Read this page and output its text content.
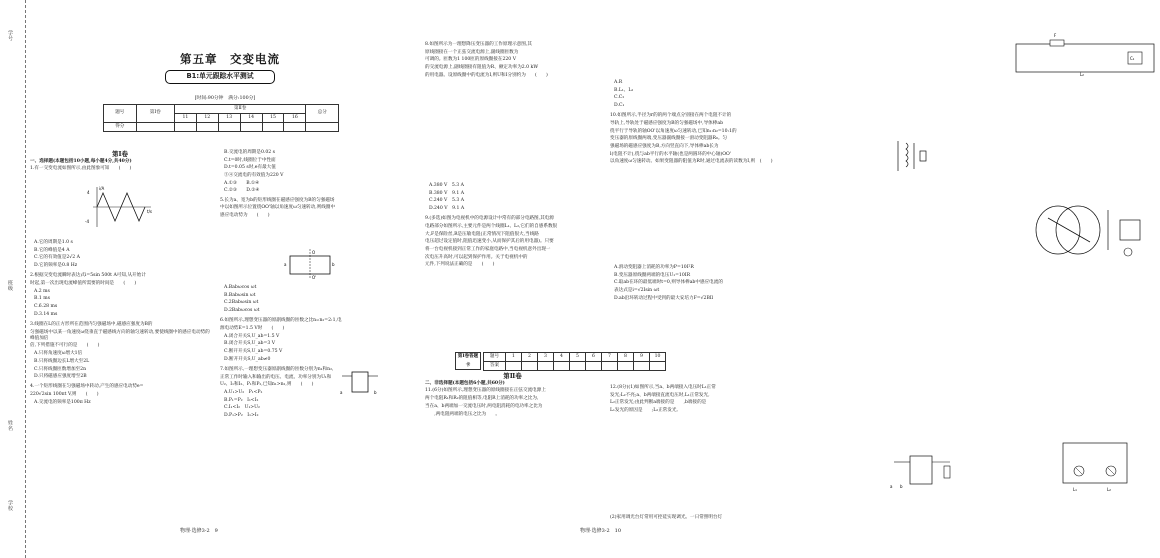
学号
班级
姓名
学校
第五章　交变电流
B1:单元跟踪水平测试
[时间:90分钟　满分:100分]
题号	第Ⅰ卷	第Ⅱ卷						总分
		11	12	13	14	15	16	
得分								
第Ⅰ卷

一、选择题(本题包括10小题,每小题4分,共40分)

1.有一交变电流如图所示,由此图象可知　　 (　　)

4
-4
t/s
i/A

A.它的周期是1.0 s

B.它的峰值是4 A

C.它的有效值是2√2 A

D.它的频率是0.8 Hz

2.根据交变电流瞬时表达式i=5sin 500t A可知,从开始计

时起,第一次出现电流峰值所需要的时间是　　 (　　)

A.2 ms

B.1 ms

C.6.28 ms

D.3.14 ms

3.线圈在L的正方形所在范围内匀强磁场中,磁感应强度为B的

匀强磁场中以某一角速度ω绕垂直于磁感线方向的轴匀速转动,要使线圈中的感应电动势的峰值加倍

倍,下列措施不可行的是　　 (　　)

A.只将角速度ω增大1倍

B.只将线圈边长L增大至2L

C.只将线圈匝数增加至2n

D.只将磁感应强度增至2B

4.一个矩形线圈在匀强磁场中转动,产生的感应电动势e=

220√2sin 100πt V,则　　 (　　)

A.交流电的频率是100π Hz

B.交流电的周期是0.02 s

C.t=0时,线圈位于中性面

D.t=0.05 s时,e有最大值

③④交流电的有效值为220 V

A.①③　　B.①④

C.②③　　D.②④

5.长为a、宽为b的矩形线圈在磁感应强度为B的匀强磁场

中以如图所示位置绕OO'轴以角速度ω匀速转动,则线圈中

感应电动势为　　 (　　)

O
O'
a	b

A.Babωcos ωt

B.Babωsin ωt

C.2Babωsin ωt

D.2Babωcos ωt

6.如图所示,理想变压器的原副线圈的匝数之比n₁:n₂=2:1,电

源电动势E=1.5 V时　　 (　　)

A.闭合开关S,U_ab=1.5 V

B.闭合开关S,U_ab=3 V

C.断开开关S,U_ab=0.75 V

D.断开开关S,U_ab≠0

7.如图所示,一理想变压器原副线圈的匝数分别为n₁和n₂,

正常工作时输入和输出的电压、电流、功率分别为U₁和

U₂、I₁和I₂、P₁和P₂,已知n₁>n₂,则　　 (　　)

A.U₁>U₂　P₁<P₂

B.P₁=P₂　I₁<I₂

C.I₁<I₂　U₁>U₂

D.P₁>P₂　I₁>I₂

a	b
物理·选修3-2　9

8.如图所示为一理想降压变压器的工作原理示意图,其

原线圈接在一个正弦交流电源上,副线圈匝数为

可调的。匝数为1 100匝的原线圈接在220 V

的交流电源上,副线圈接有阻值为R、额定功率为2.0 kW

的用电器。设原线圈中的电流为I,则U和I分别约为　　 (　　)

A.380 V　5.3 A

B.380 V　9.1 A

C.240 V　5.3 A

D.240 V　9.1 A

9.(多选)如图为电视机中的电源设计中常有的部分电路图,其电源

电路部分如图所示,主要元件是两个线圈L₁、L₂,它们的自感系数很

大,F是保险丝,R是压敏电阻(正常情况下阻值很大,当线路

电压超过设定值时,阻值迅速变小,从而保护其后的用电器)。只要

将一台电视机接到正常工作的家庭电路中,当电视机意外出现一

次电压升高时,可以起到保护作用。关于电视机中的

元件,下列说法正确的是　　 (　　)

F
C₁
L₂

A.R

B.L₁、L₂

C.C₂

D.C₁

10.如图所示,半径为r的的两个端点分别接在两个电阻不计的

导轨上,导轨处于磁感应强度为B的匀强磁场中,导体棒ab

绕平行于导轨的轴OO'以角速度ω匀速转动,已知n₁:n₂=10:1的

变压器的原线圈两端,变压器副线圈接一滑动变阻器R₀。匀

强磁场的磁感应强度为B,方向竖直向下,导体棒ab长为

l(电阻不计),绕与ab平行的水平轴(也是两圆环的中心轴)OO'

以角速度ω匀速转动。如果变阻器的阻值为R时,通过电流表的读数为I,则　 (　　)

A.滑动变阻器上消耗的功率为P=10I²R

B.变压器原线圈两端的电压U₁=10IR

C.取ab在环的最低端时t=0,则导体棒ab中感应电流的

表达式是i=√2Isin ωt

D.ab沿环转动过程中受到的最大安培力F=√2BIl

第Ⅰ卷答题卡
题号	1	2	3	4	5	6	7	8	9	10
答案										
第Ⅱ卷

二、非选择题(本题包括6小题,共60分)

11.(6分)如图所示,理想变压器的原线圈接在正弦交流电源上

两个电阻R₁和R₂的阻值相等,电阻R上消耗的功率之比为,

当在a、b两端加一交流电压时,两电阻消耗的电功率之比为

　　,两电阻两端的电压之比为　　。

a b

12.(8分)(1)如图所示,当a、b两端接入电压时L₁正常

发光;L₂不亮;a、b两端接直流电压时,L₁正常发光,

L₂正常发光;由此判断a端接的是　　,b端接的是　　

L₁发光的原因是　　;L₂正常发光,

L₁	L₂

(2)家用调光台灯常用可控硅实现调光。一日常照明台灯

物理·选修3-2　10
